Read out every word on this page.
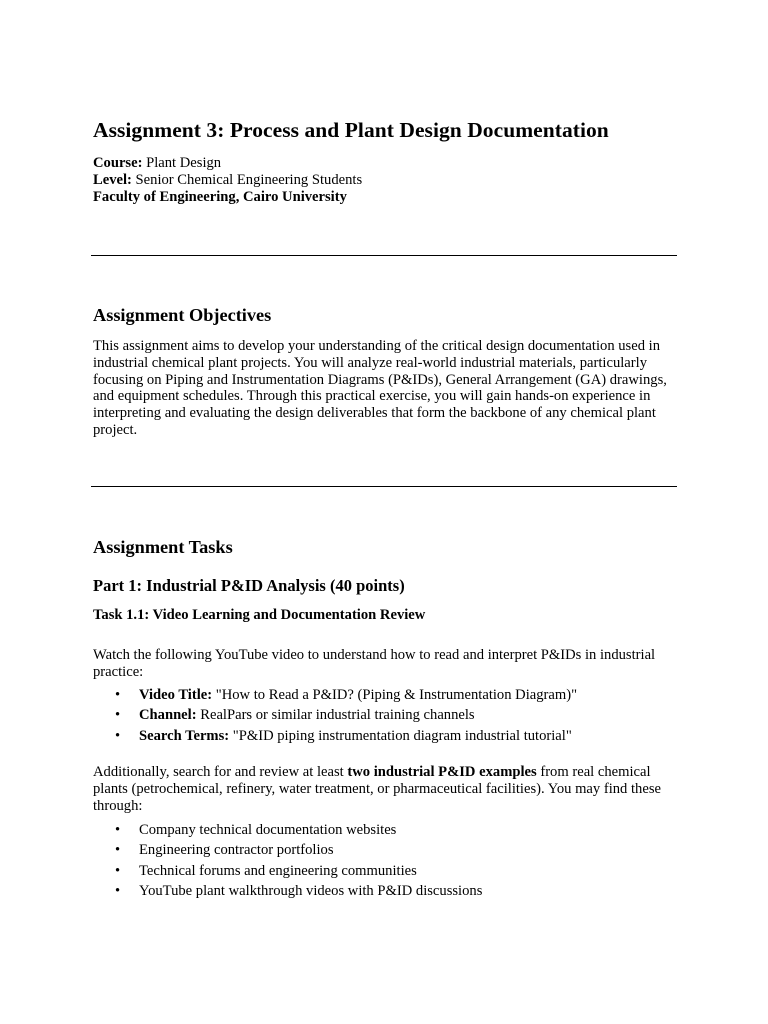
Assignment 3: Process and Plant Design Documentation
Course: Plant Design
Level: Senior Chemical Engineering Students
Faculty of Engineering, Cairo University
Assignment Objectives

This assignment aims to develop your understanding of the critical design documentation used in industrial chemical plant projects. You will analyze real-world industrial materials, particularly focusing on Piping and Instrumentation Diagrams (P&IDs), General Arrangement (GA) drawings, and equipment schedules. Through this practical exercise, you will gain hands-on experience in interpreting and evaluating the design deliverables that form the backbone of any chemical plant project.

Assignment Tasks
Part 1: Industrial P&ID Analysis (40 points)
Task 1.1: Video Learning and Documentation Review

Watch the following YouTube video to understand how to read and interpret P&IDs in industrial practice:

• Video Title: "How to Read a P&ID? (Piping & Instrumentation Diagram)"
• Channel: RealPars or similar industrial training channels
• Search Terms: "P&ID piping instrumentation diagram industrial tutorial"

Additionally, search for and review at least two industrial P&ID examples from real chemical plants (petrochemical, refinery, water treatment, or pharmaceutical facilities). You may find these through:

• Company technical documentation websites
• Engineering contractor portfolios
• Technical forums and engineering communities
• YouTube plant walkthrough videos with P&ID discussions
